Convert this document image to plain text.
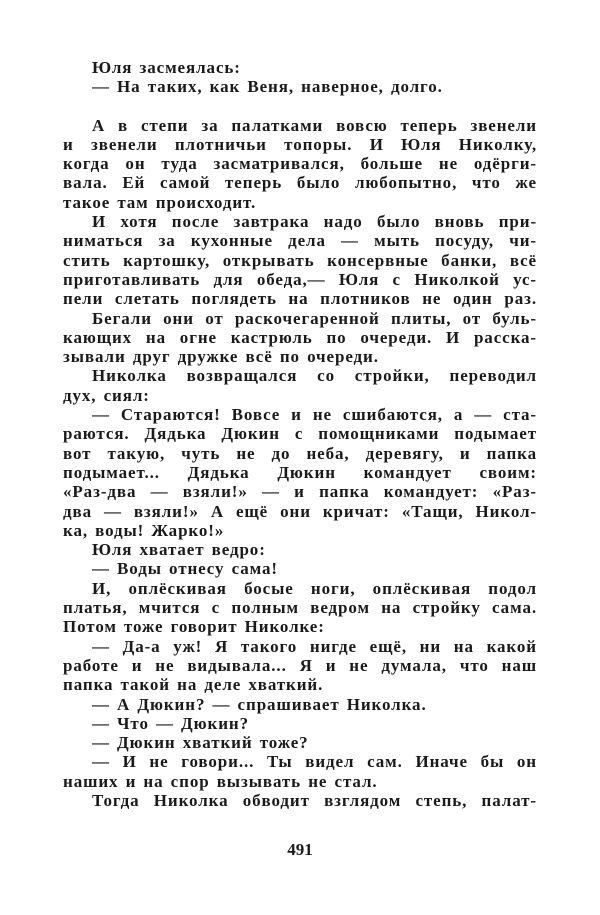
Юля засмеялась:
— На таких, как Веня, наверное, долго.
А в степи за палатками вовсю теперь звенели
и звенели плотничьи топоры. И Юля Николку,
когда он туда засматривался, больше не одёрги-
вала. Ей самой теперь было любопытно, что же
такое там происходит.
И хотя после завтрака надо было вновь при-
ниматься за кухонные дела — мыть посуду, чи-
стить картошку, открывать консервные банки, всё
приготавливать для обеда,— Юля с Николкой ус-
пели слетать поглядеть на плотников не один раз.
Бегали они от раскочегаренной плиты, от буль-
кающих на огне кастрюль по очереди. И расска-
зывали друг дружке всё по очереди.
Николка возвращался со стройки, переводил
дух, сиял:
— Стараются! Вовсе и не сшибаются, а — ста-
раются. Дядька Дюкин с помощниками подымает
вот такую, чуть не до неба, деревягу, и папка
подымает... Дядька Дюкин командует своим:
«Раз-два — взяли!» — и папка командует: «Раз-
два — взяли!» А ещё они кричат: «Тащи, Никол-
ка, воды! Жарко!»
Юля хватает ведро:
— Воды отнесу сама!
И, оплёскивая босые ноги, оплёскивая подол
платья, мчится с полным ведром на стройку сама.
Потом тоже говорит Николке:
— Да-а уж! Я такого нигде ещё, ни на какой
работе и не видывала... Я и не думала, что наш
папка такой на деле хваткий.
— А Дюкин? — спрашивает Николка.
— Что — Дюкин?
— Дюкин хваткий тоже?
— И не говори... Ты видел сам. Иначе бы он
наших и на спор вызывать не стал.
Тогда Николка обводит взглядом степь, палат-
491
